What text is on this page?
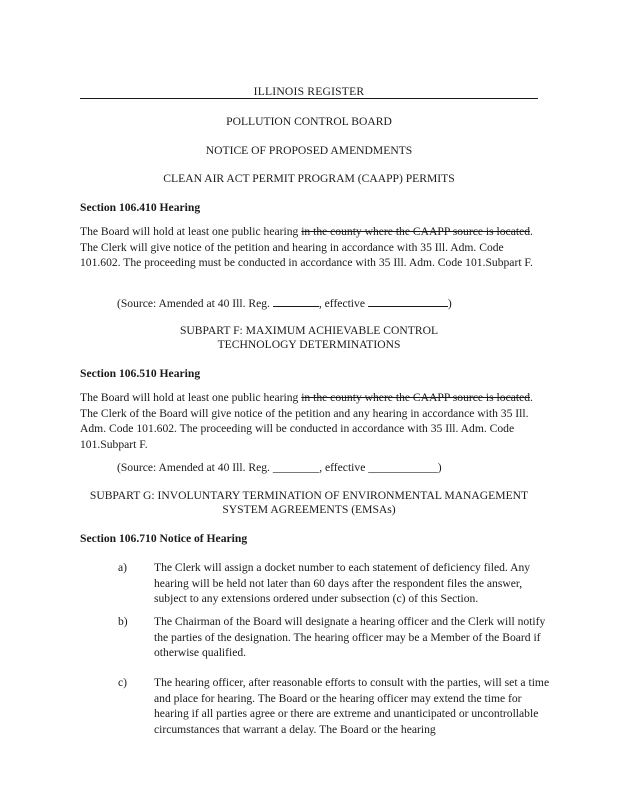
ILLINOIS REGISTER
POLLUTION CONTROL BOARD
NOTICE OF PROPOSED AMENDMENTS
CLEAN AIR ACT PERMIT PROGRAM (CAAPP) PERMITS
Section 106.410 Hearing
The Board will hold at least one public hearing in the county where the CAAPP source is located. The Clerk will give notice of the petition and hearing in accordance with 35 Ill. Adm. Code 101.602. The proceeding must be conducted in accordance with 35 Ill. Adm. Code 101.Subpart F.
(Source: Amended at 40 Ill. Reg.	, effective	)
SUBPART F: MAXIMUM ACHIEVABLE CONTROL
TECHNOLOGY DETERMINATIONS
Section 106.510 Hearing
The Board will hold at least one public hearing in the county where the CAAPP source is located. The Clerk of the Board will give notice of the petition and any hearing in accordance with 35 Ill. Adm. Code 101.602. The proceeding will be conducted in accordance with 35 Ill. Adm. Code 101.Subpart F.
(Source: Amended at 40 Ill. Reg. ________, effective ____________)
SUBPART G: INVOLUNTARY TERMINATION OF ENVIRONMENTAL MANAGEMENT
SYSTEM AGREEMENTS (EMSAs)
Section 106.710 Notice of Hearing
a) The Clerk will assign a docket number to each statement of deficiency filed. Any hearing will be held not later than 60 days after the respondent files the answer, subject to any extensions ordered under subsection (c) of this Section.
b) The Chairman of the Board will designate a hearing officer and the Clerk will notify the parties of the designation. The hearing officer may be a Member of the Board if otherwise qualified.
c) The hearing officer, after reasonable efforts to consult with the parties, will set a time and place for hearing. The Board or the hearing officer may extend the time for hearing if all parties agree or there are extreme and unanticipated or uncontrollable circumstances that warrant a delay. The Board or the hearing
